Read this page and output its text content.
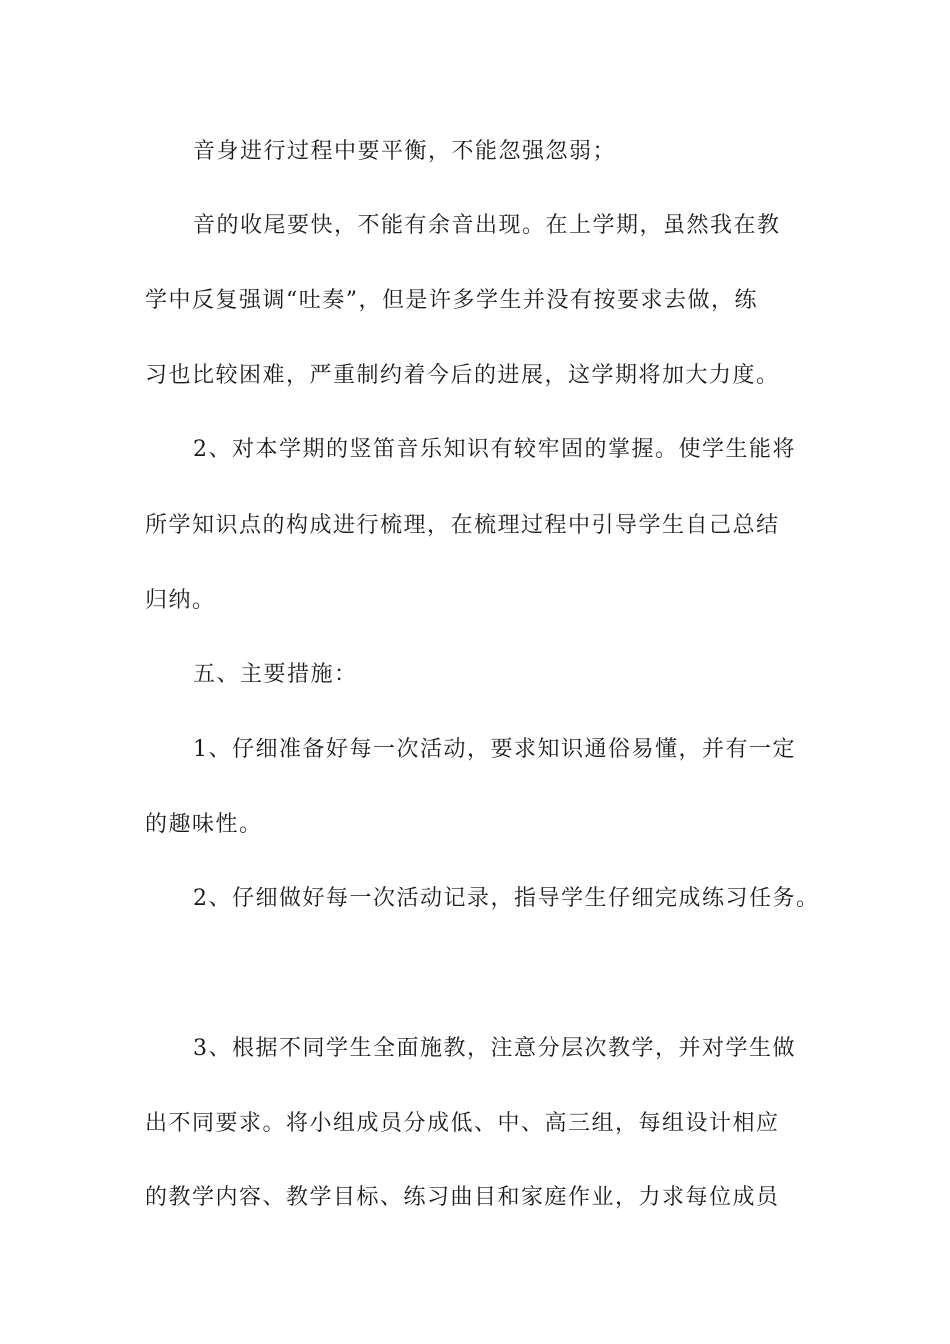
音身进行过程中要平衡，不能忽强忽弱；
音的收尾要快，不能有余音出现。在上学期，虽然我在教
学中反复强调“吐奏”，但是许多学生并没有按要求去做，练
习也比较困难，严重制约着今后的进展，这学期将加大力度。
2、对本学期的竖笛音乐知识有较牢固的掌握。使学生能将
所学知识点的构成进行梳理，在梳理过程中引导学生自己总结
归纳。
五、主要措施：
1、仔细准备好每一次活动，要求知识通俗易懂，并有一定
的趣味性。
2、仔细做好每一次活动记录，指导学生仔细完成练习任务。
3、根据不同学生全面施教，注意分层次教学，并对学生做
出不同要求。将小组成员分成低、中、高三组，每组设计相应
的教学内容、教学目标、练习曲目和家庭作业，力求每位成员
